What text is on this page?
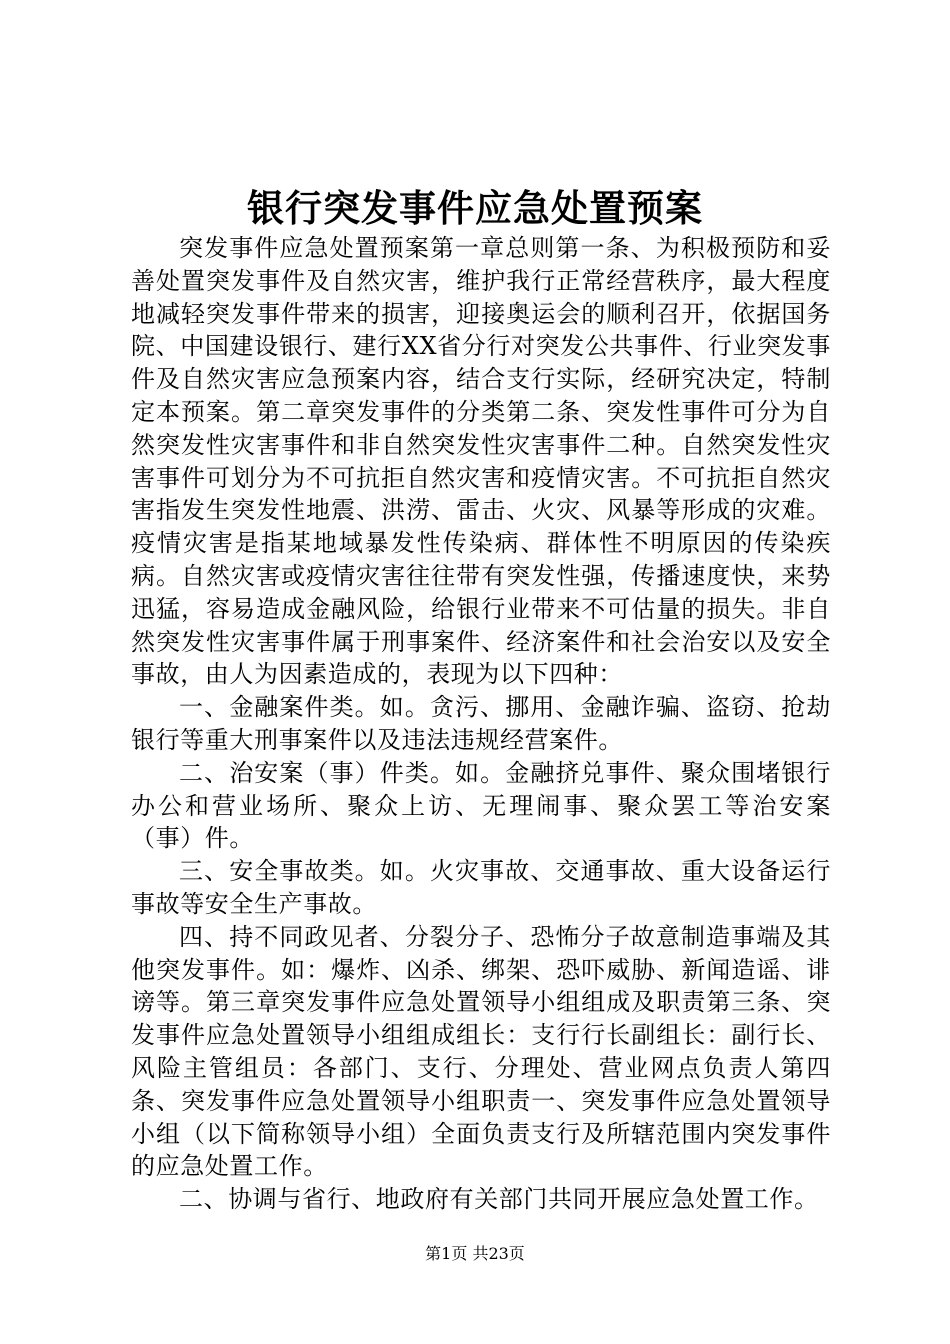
银行突发事件应急处置预案

突发事件应急处置预案第一章总则第一条、为积极预防和妥善处置突发事件及自然灾害，维护我行正常经营秩序，最大程度地减轻突发事件带来的损害，迎接奥运会的顺利召开，依据国务院、中国建设银行、建行XX省分行对突发公共事件、行业突发事件及自然灾害应急预案内容，结合支行实际，经研究决定，特制定本预案。第二章突发事件的分类第二条、突发性事件可分为自然突发性灾害事件和非自然突发性灾害事件二种。自然突发性灾害事件可划分为不可抗拒自然灾害和疫情灾害。不可抗拒自然灾害指发生突发性地震、洪涝、雷击、火灾、风暴等形成的灾难。疫情灾害是指某地域暴发性传染病、群体性不明原因的传染疾病。自然灾害或疫情灾害往往带有突发性强，传播速度快，来势迅猛，容易造成金融风险，给银行业带来不可估量的损失。非自然突发性灾害事件属于刑事案件、经济案件和社会治安以及安全事故，由人为因素造成的，表现为以下四种：

一、金融案件类。如。贪污、挪用、金融诈骗、盗窃、抢劫银行等重大刑事案件以及违法违规经营案件。

二、治安案（事）件类。如。金融挤兑事件、聚众围堵银行办公和营业场所、聚众上访、无理闹事、聚众罢工等治安案（事）件。

三、安全事故类。如。火灾事故、交通事故、重大设备运行事故等安全生产事故。

四、持不同政见者、分裂分子、恐怖分子故意制造事端及其他突发事件。如：爆炸、凶杀、绑架、恐吓威胁、新闻造谣、诽谤等。第三章突发事件应急处置领导小组组成及职责第三条、突发事件应急处置领导小组组成组长：支行行长副组长：副行长、风险主管组员：各部门、支行、分理处、营业网点负责人第四条、突发事件应急处置领导小组职责一、突发事件应急处置领导小组（以下简称领导小组）全面负责支行及所辖范围内突发事件的应急处置工作。

二、协调与省行、地政府有关部门共同开展应急处置工作。

第1页 共23页
